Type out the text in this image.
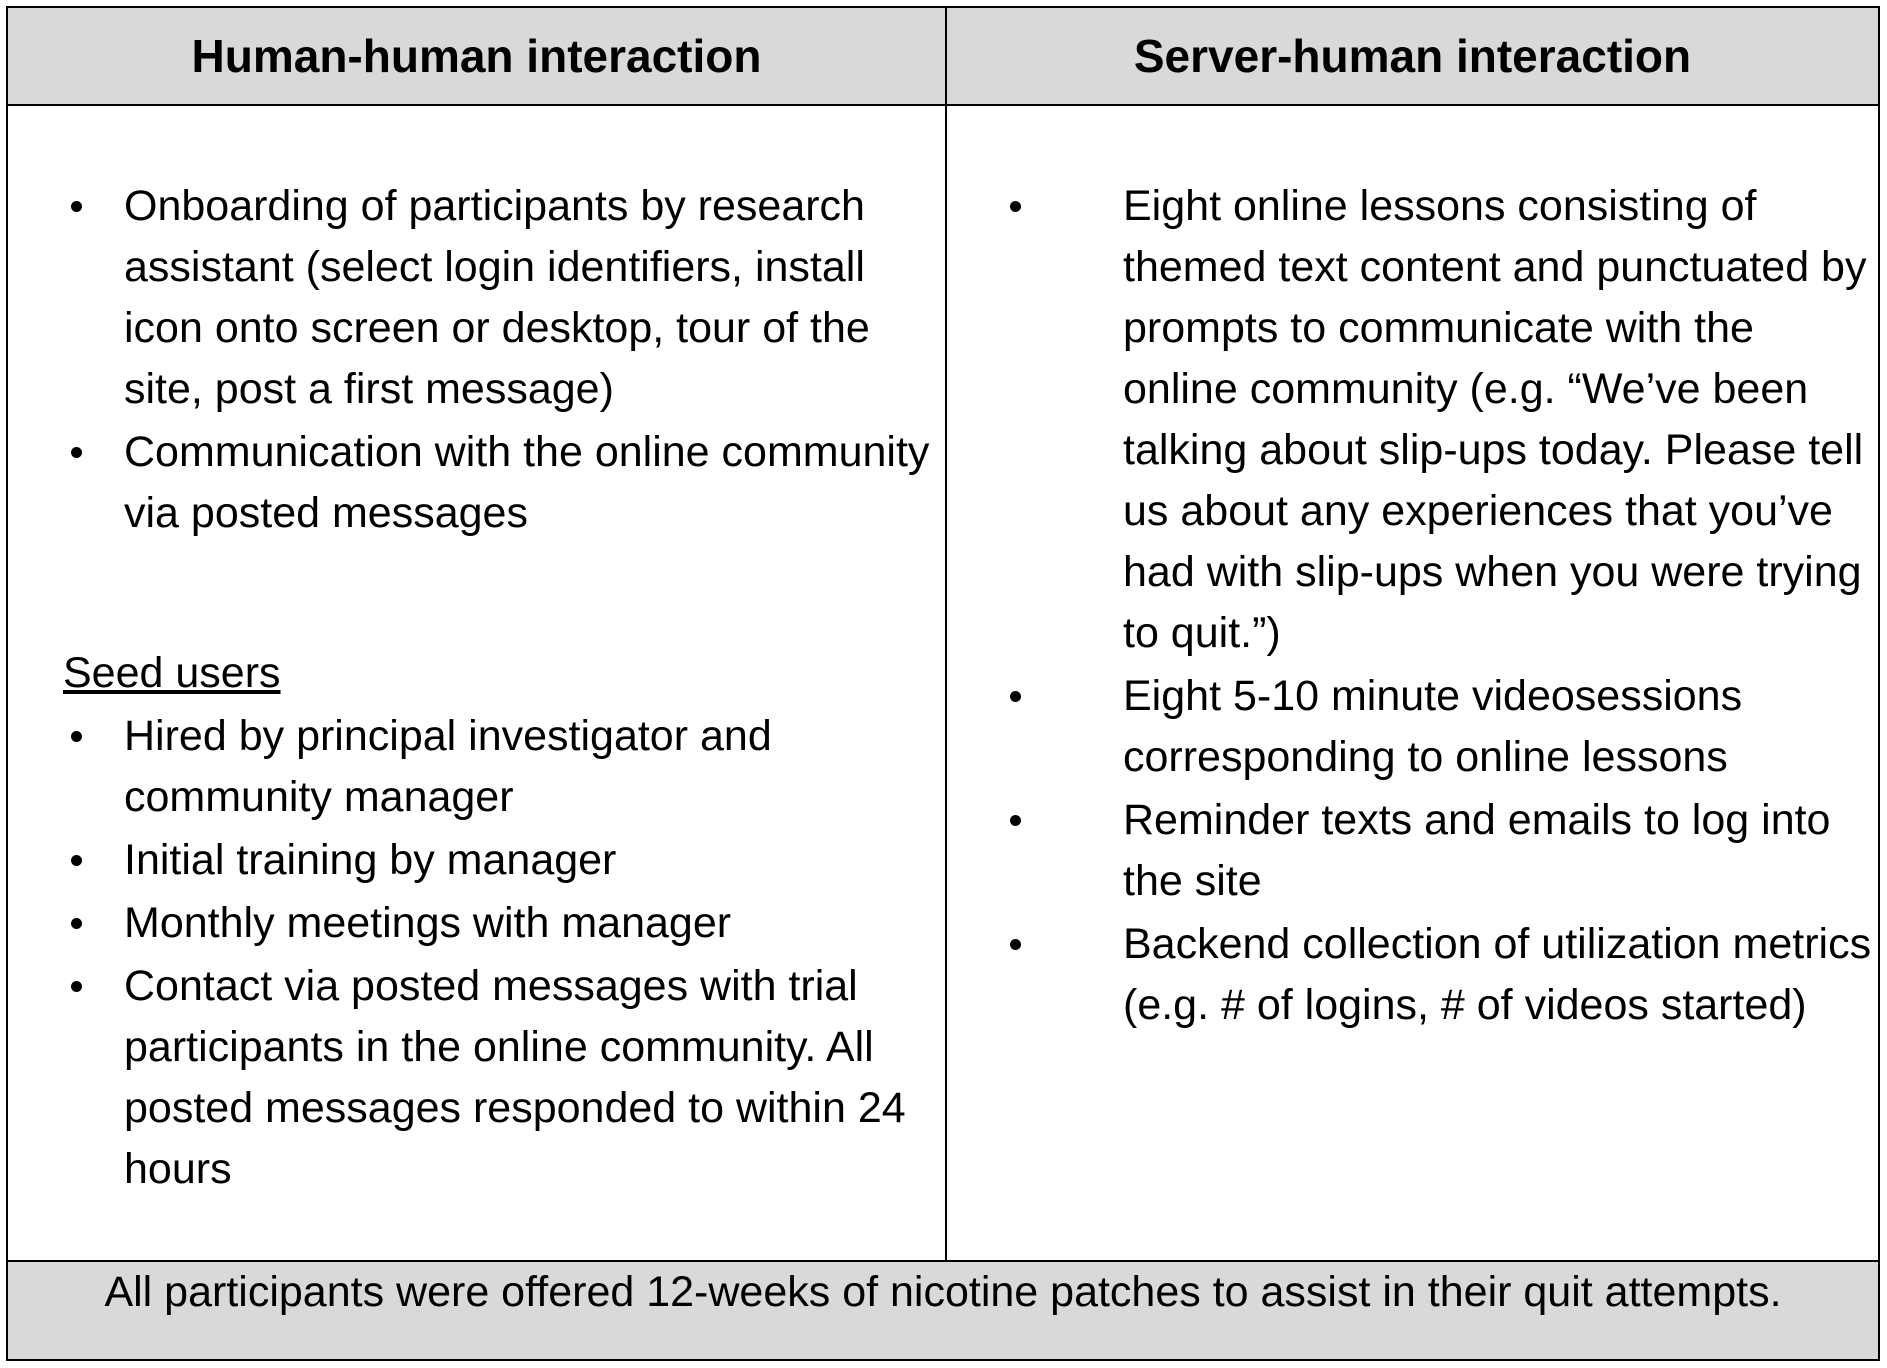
Human-human interaction	Server-human interaction
Onboarding of participants by research assistant (select login identifiers, install icon onto screen or desktop, tour of the site, post a first message)
Communication with the online community via posted messages
Seed users
Hired by principal investigator and community manager
Initial training by manager
Monthly meetings with manager
Contact via posted messages with trial participants in the online community. All posted messages responded to within 24 hours
Eight online lessons consisting of themed text content and punctuated by prompts to communicate with the online community (e.g. “We’ve been talking about slip-ups today. Please tell us about any experiences that you’ve had with slip-ups when you were trying to quit.”)
Eight 5-10 minute videosessions corresponding to online lessons
Reminder texts and emails to log into the site
Backend collection of utilization metrics (e.g. # of logins, # of videos started)
All participants were offered 12-weeks of nicotine patches to assist in their quit attempts.
